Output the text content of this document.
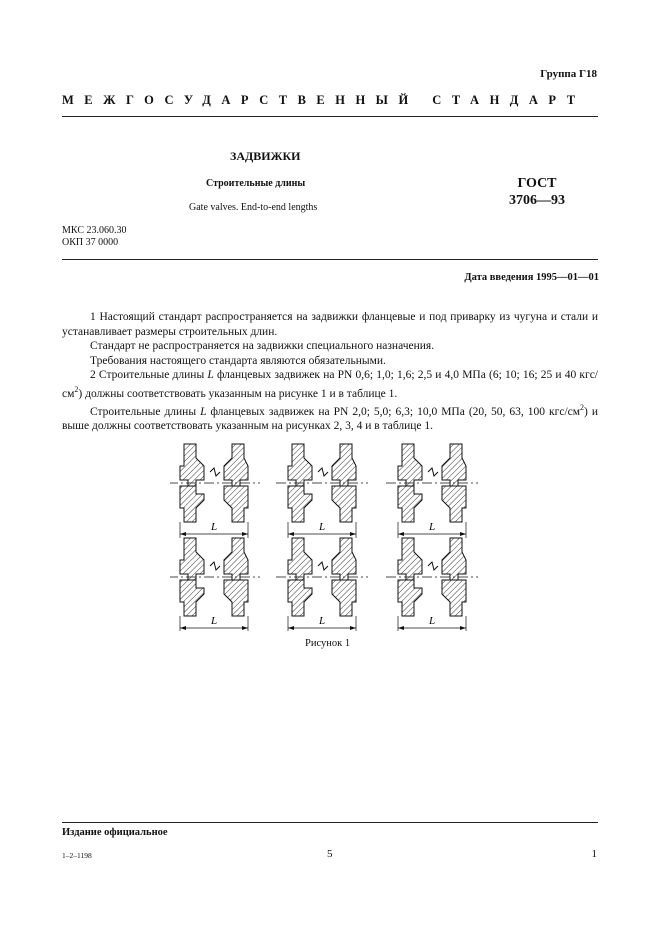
Группа Г18
МЕЖГОСУДАРСТВЕННЫЙ СТАНДАРТ
ЗАДВИЖКИ
Строительные длины
Gate valves. End-to-end lengths
ГОСТ
3706—93
МКС 23.060.30
ОКП 37 0000
Дата введения 1995—01—01

1 Настоящий стандарт распространяется на задвижки фланцевые и под приварку из чугуна и стали и устанавливает размеры строительных длин.

Стандарт не распространяется на задвижки специального назначения.

Требования настоящего стандарта являются обязательными.

2 Строительные длины L фланцевых задвижек на PN 0,6; 1,0; 1,6; 2,5 и 4,0 МПа (6; 10; 16; 25 и 40 кгс/$см^2$) должны соответствовать указанным на рисунке 1 и в таблице 1.

Строительные длины L фланцевых задвижек на PN 2,0; 5,0; 6,3; 10,0 МПа (20, 50, 63, 100 кгс/$см^2$) и выше должны соответствовать указанным на рисунках 2, 3, 4 и в таблице 1.

L	L	L
L	L	L
Рисунок 1
Издание официальное
1–2–1198	5	1
